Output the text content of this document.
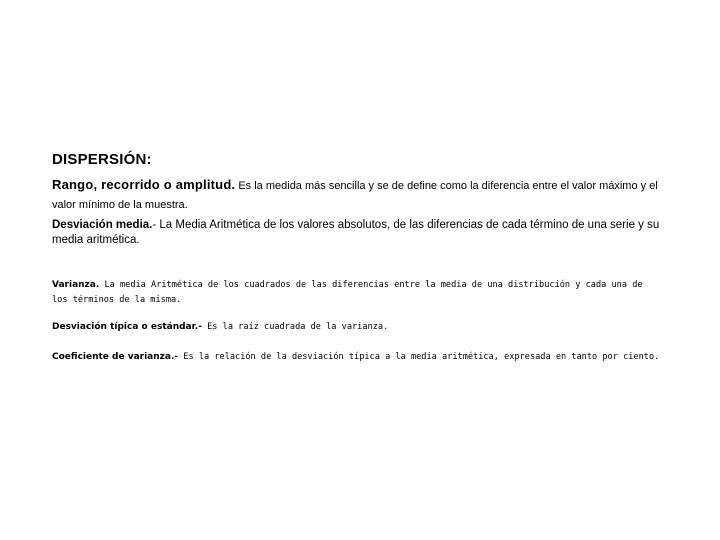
DISPERSIÓN:
Rango, recorrido o amplitud. Es la medida más sencilla y se de define como la diferencia entre el valor máximo y el valor mínimo de la muestra.
Desviación media.- La Media Aritmética de los valores absolutos, de las diferencias de cada término de una serie y su media aritmética.
Varianza. La media Aritmética de los cuadrados de las diferencias entre la media de una distribución y cada una de los términos de la misma.
Desviación típica o estándar.- Es la raíz cuadrada de la varianza.
Coeficiente de varianza.- Es la relación de la desviación típica a la media aritmética, expresada en tanto por ciento.
